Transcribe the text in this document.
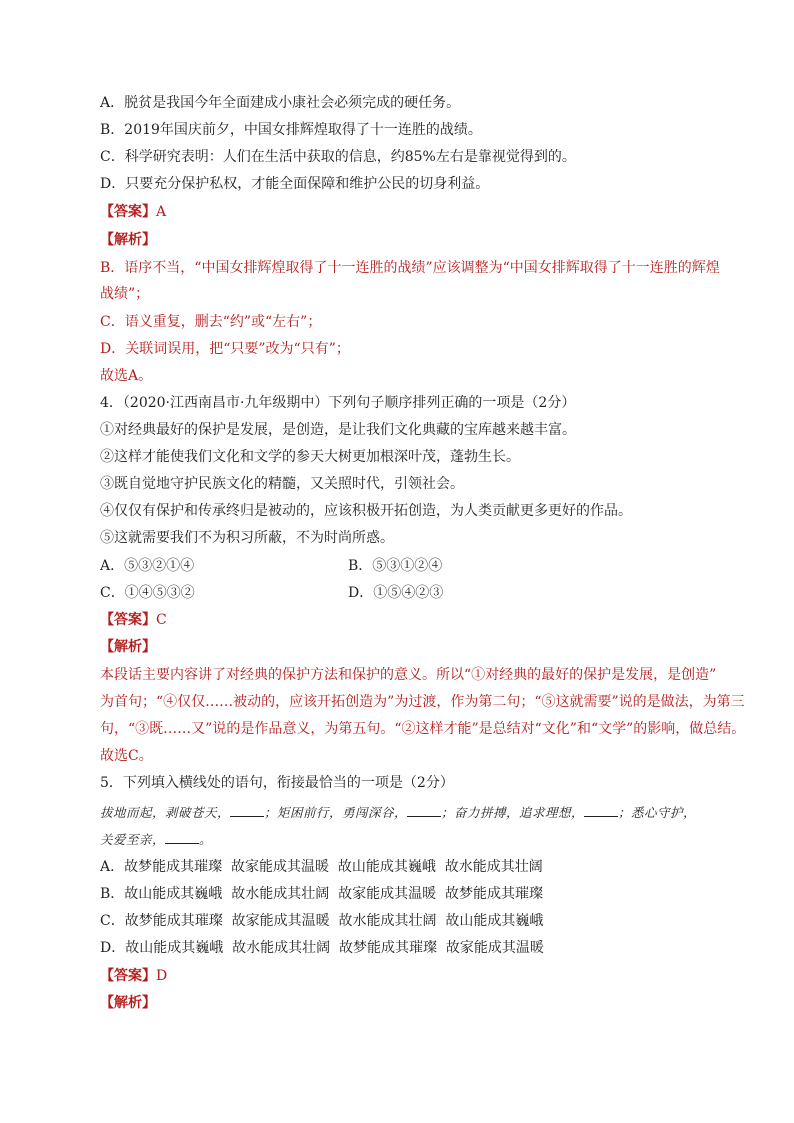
A．脱贫是我国今年全面建成小康社会必须完成的硬任务。
B．2019年国庆前夕，中国女排辉煌取得了十一连胜的战绩。
C．科学研究表明：人们在生活中获取的信息，约85%左右是靠视觉得到的。
D．只要充分保护私权，才能全面保障和维护公民的切身利益。
【答案】A
【解析】
B．语序不当，“中国女排辉煌取得了十一连胜的战绩”应该调整为“中国女排辉取得了十一连胜的辉煌
战绩”；
C．语义重复，删去“约”或“左右”；
D．关联词误用，把“只要”改为“只有”；
故选A。
4．（2020·江西南昌市·九年级期中）下列句子顺序排列正确的一项是（2分）
①对经典最好的保护是发展，是创造，是让我们文化典藏的宝库越来越丰富。
②这样才能使我们文化和文学的参天大树更加根深叶茂，蓬勃生长。
③既自觉地守护民族文化的精髓，又关照时代，引领社会。
④仅仅有保护和传承终归是被动的，应该积极开拓创造，为人类贡献更多更好的作品。
⑤这就需要我们不为积习所蔽，不为时尚所惑。
A．⑤③②①④	B．⑤③①②④
C．①④⑤③②	D．①⑤④②③
【答案】C
【解析】
本段话主要内容讲了对经典的保护方法和保护的意义。所以“①对经典的最好的保护是发展，是创造”
为首句；“④仅仅……被动的，应该开拓创造为”为过渡，作为第二句；“⑤这就需要”说的是做法，为第三
句，“③既……又”说的是作品意义，为第五句。“②这样才能”是总结对“文化”和“文学”的影响，做总结。
故选C。
5．下列填入横线处的语句，衔接最恰当的一项是（2分）
拔地而起，剥破苍天，	；矩困前行，勇闯深谷，	；奋力拼搏，追求理想，	；悉心守护，
关爱至亲，	。
A．故梦能成其璀璨  故家能成其温暖  故山能成其巍峨  故水能成其壮阔
B．故山能成其巍峨  故水能成其壮阔  故家能成其温暖  故梦能成其璀璨
C．故梦能成其璀璨  故家能成其温暖  故水能成其壮阔  故山能成其巍峨
D．故山能成其巍峨  故水能成其壮阔  故梦能成其璀璨  故家能成其温暖
【答案】D
【解析】
